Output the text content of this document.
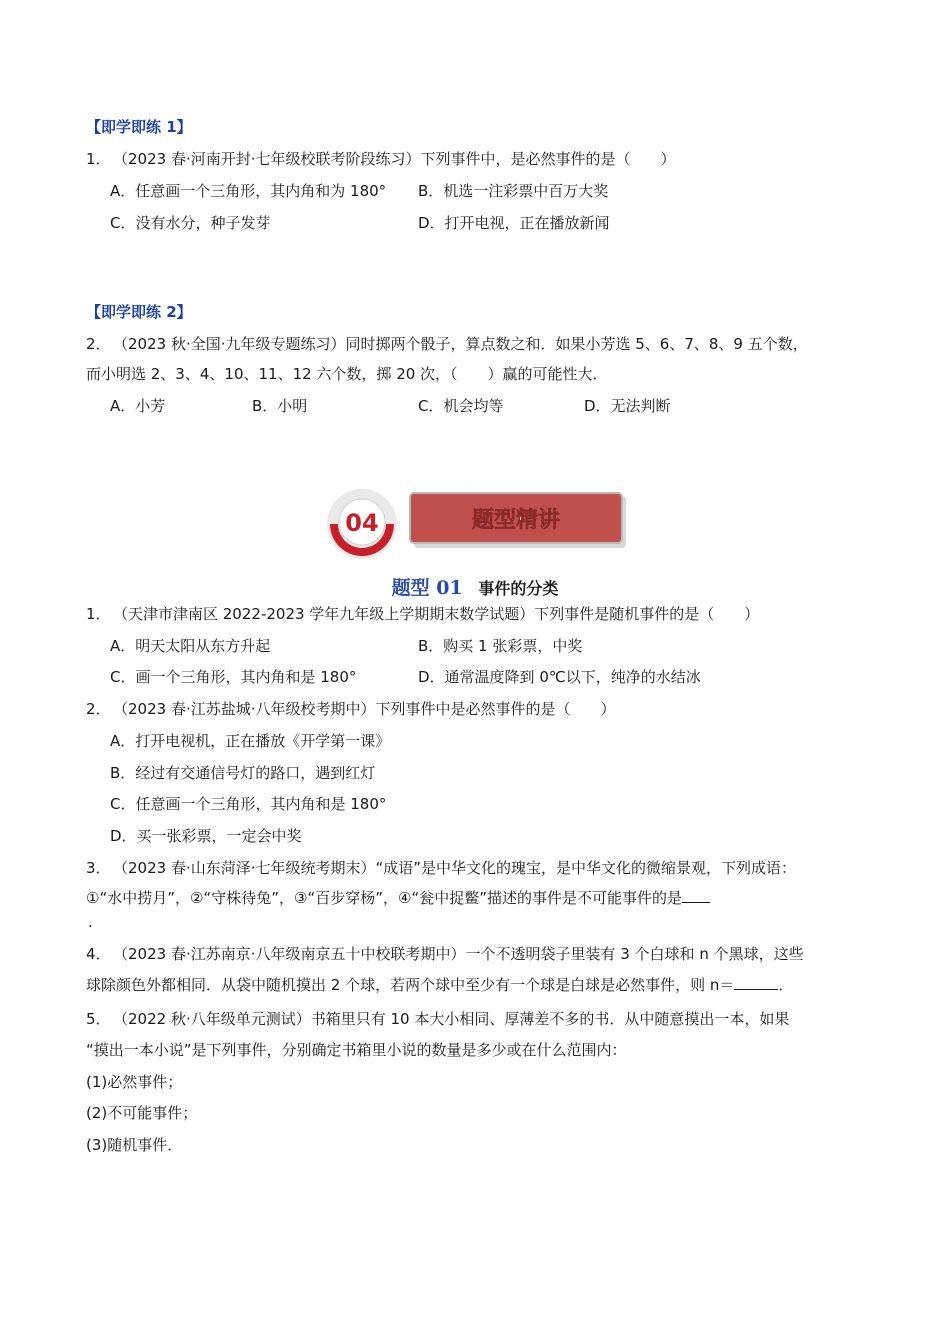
【即学即练 1】
1． （2023 春·河南开封·七年级校联考阶段练习）下列事件中，是必然事件的是（　　）
A．任意画一个三角形，其内角和为 180° B．机选一注彩票中百万大奖
C．没有水分，种子发芽	D．打开电视，正在播放新闻
【即学即练 2】
2． （2023 秋·全国·九年级专题练习）同时掷两个骰子，算点数之和．如果小芳选 5、6、7、8、9 五个数，
而小明选 2、3、4、10、11、12 六个数，掷 20 次，（　　）赢的可能性大．
A．小芳	B．小明	C．机会均等	D．无法判断
04	题型精讲
题型 01 事件的分类
1． （天津市津南区 2022-2023 学年九年级上学期期末数学试题）下列事件是随机事件的是（　　）
A．明天太阳从东方升起	B．购买 1 张彩票，中奖
C．画一个三角形，其内角和是 180°	D．通常温度降到 0℃以下，纯净的水结冰
2． （2023 春·江苏盐城·八年级校考期中）下列事件中是必然事件的是（　　）
A．打开电视机，正在播放《开学第一课》
B．经过有交通信号灯的路口，遇到红灯
C．任意画一个三角形，其内角和是 180°
D．买一张彩票，一定会中奖
3． （2023 春·山东菏泽·七年级统考期末）“成语”是中华文化的瑰宝，是中华文化的微缩景观，下列成语：
①“水中捞月”，②“守株待兔”，③“百步穿杨”，④“瓮中捉鳖”描述的事件是不可能事件的是
.
4． （2023 春·江苏南京·八年级南京五十中校联考期中）一个不透明袋子里装有 3 个白球和 n 个黑球，这些
球除颜色外都相同．从袋中随机摸出 2 个球，若两个球中至少有一个球是白球是必然事件，则 n＝	．
5． （2022 秋·八年级单元测试）书箱里只有 10 本大小相同、厚薄差不多的书．从中随意摸出一本，如果
“摸出一本小说”是下列事件，分别确定书箱里小说的数量是多少或在什么范围内：
(1)必然事件；
(2)不可能事件；
(3)随机事件．
